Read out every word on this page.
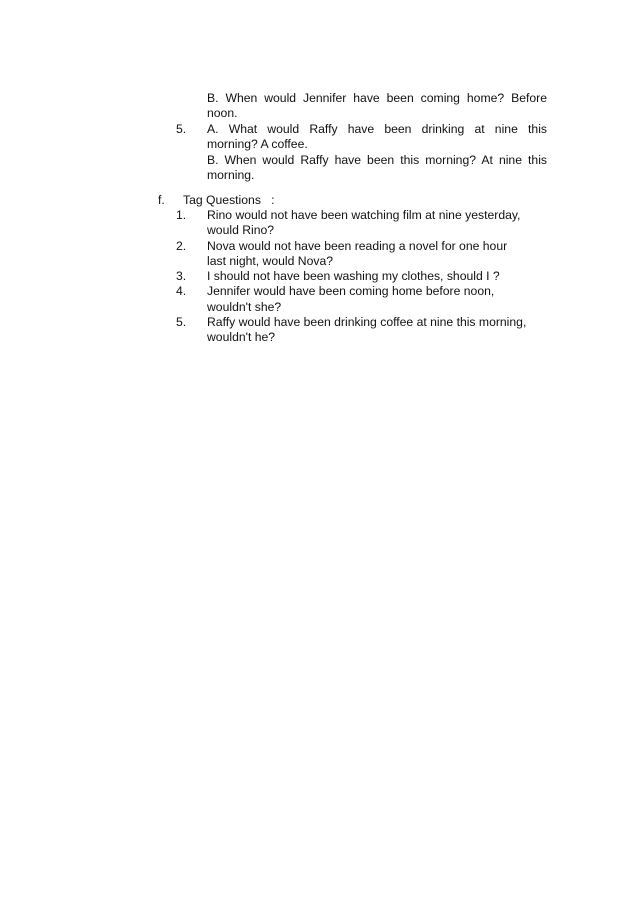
B. When would Jennifer have been coming home? Before
noon.
5.	A. What would Raffy have been drinking at nine this
morning? A coffee.
B. When would Raffy have been this morning? At nine this
morning.
f. Tag Questions   :
1.	Rino would not have been watching film at nine yesterday,
would Rino?
2.	Nova would not have been reading a novel for one hour
last night, would Nova?
3.	I should not have been washing my clothes, should I ?
4.	Jennifer would have been coming home before noon,
wouldn't she?
5.	Raffy would have been drinking coffee at nine this morning,
wouldn't he?
